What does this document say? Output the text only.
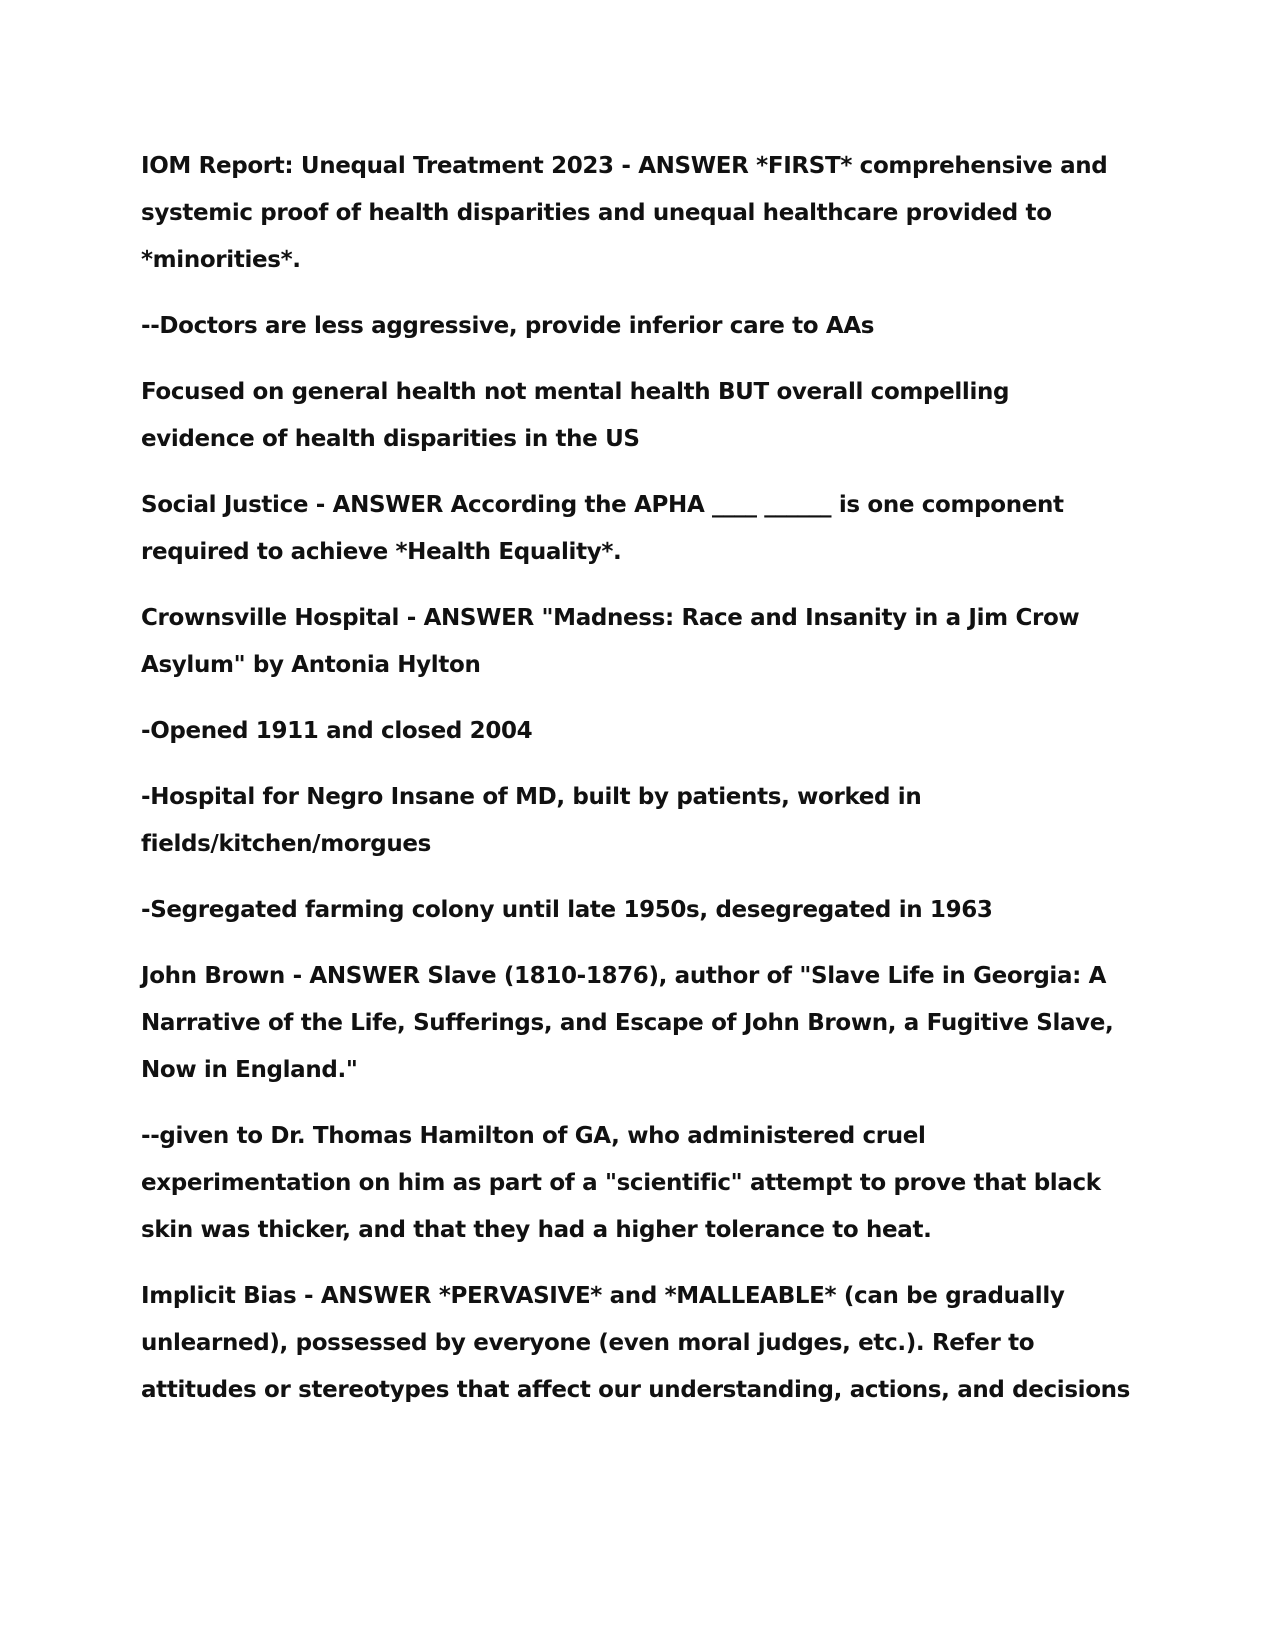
IOM Report: Unequal Treatment 2023 - ANSWER *FIRST* comprehensive and
systemic proof of health disparities and unequal healthcare provided to
*minorities*.

--Doctors are less aggressive, provide inferior care to AAs

Focused on general health not mental health BUT overall compelling
evidence of health disparities in the US

Social Justice - ANSWER According the APHA ____ ______ is one component
required to achieve *Health Equality*.

Crownsville Hospital - ANSWER "Madness: Race and Insanity in a Jim Crow
Asylum" by Antonia Hylton

-Opened 1911 and closed 2004

-Hospital for Negro Insane of MD, built by patients, worked in
fields/kitchen/morgues

-Segregated farming colony until late 1950s, desegregated in 1963

John Brown - ANSWER Slave (1810-1876), author of "Slave Life in Georgia: A
Narrative of the Life, Sufferings, and Escape of John Brown, a Fugitive Slave,
Now in England."

--given to Dr. Thomas Hamilton of GA, who administered cruel
experimentation on him as part of a "scientific" attempt to prove that black
skin was thicker, and that they had a higher tolerance to heat.

Implicit Bias - ANSWER *PERVASIVE* and *MALLEABLE* (can be gradually
unlearned), possessed by everyone (even moral judges, etc.). Refer to
attitudes or stereotypes that affect our understanding, actions, and decisions
